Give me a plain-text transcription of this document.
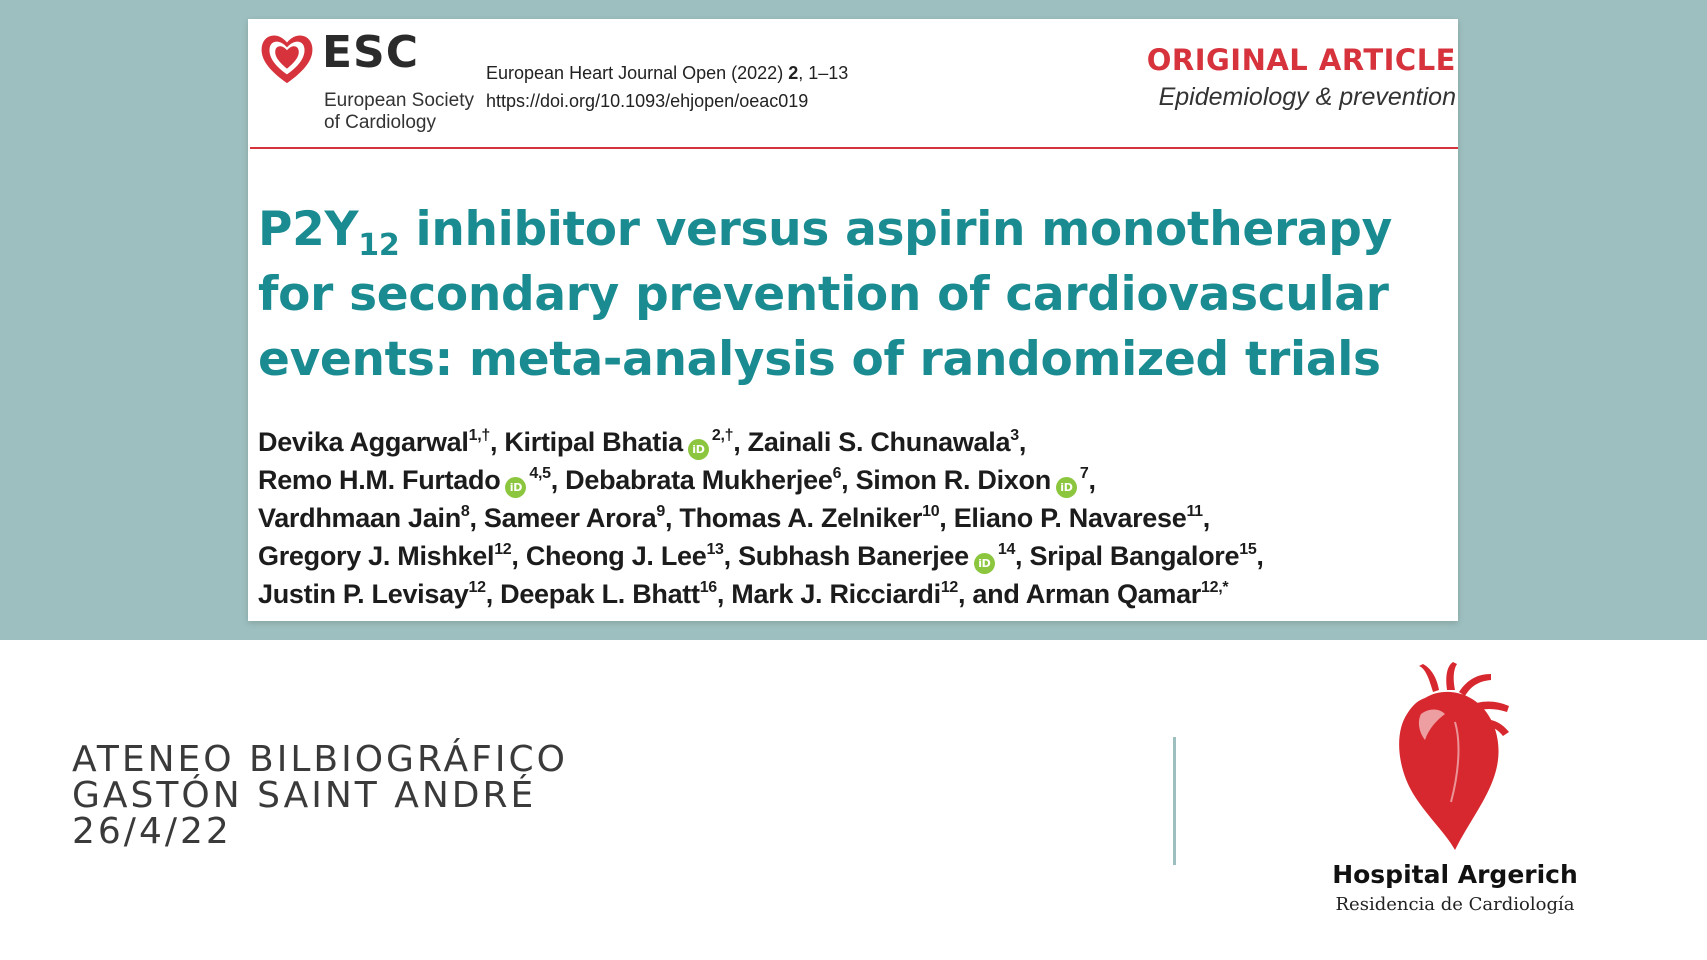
ESC
European Society
of Cardiology
European Heart Journal Open (2022) 2, 1–13
https://doi.org/10.1093/ehjopen/oeac019
ORIGINAL ARTICLE
Epidemiology & prevention
$P2Y_{12}$ inhibitor versus aspirin monotherapy
for secondary prevention of cardiovascular
events: meta-analysis of randomized trials
Devika Aggarwal$^{1,\dagger}$, Kirtipal Bhatia $iD^{2,\dagger}$, Zainali S. Chunawala$^3$,
Remo H.M. Furtado iD$^{4,5}$, Debabrata Mukherjee$^6$, Simon R. Dixon $iD^7$,
Vardhmaan Jain$^8$, Sameer Arora$^9$, Thomas A. Zelniker$^{10}$, Eliano P. Navarese$^{11}$,
Gregory J. Mishkel$^{12}$, Cheong J. Lee$^{13}$, Subhash Banerjee $iD^{14}$, Sripal Bangalore$^{15}$,
Justin P. Levisay$^{12}$, Deepak L. Bhatt$^{16}$, Mark J. Ricciardi$^{12}$, and Arman Qamar$^{12,*}$
ATENEO BILBIOGRÁFICO
GASTÓN SAINT ANDRÉ
26/4/22
Hospital Argerich
Residencia de Cardiología
